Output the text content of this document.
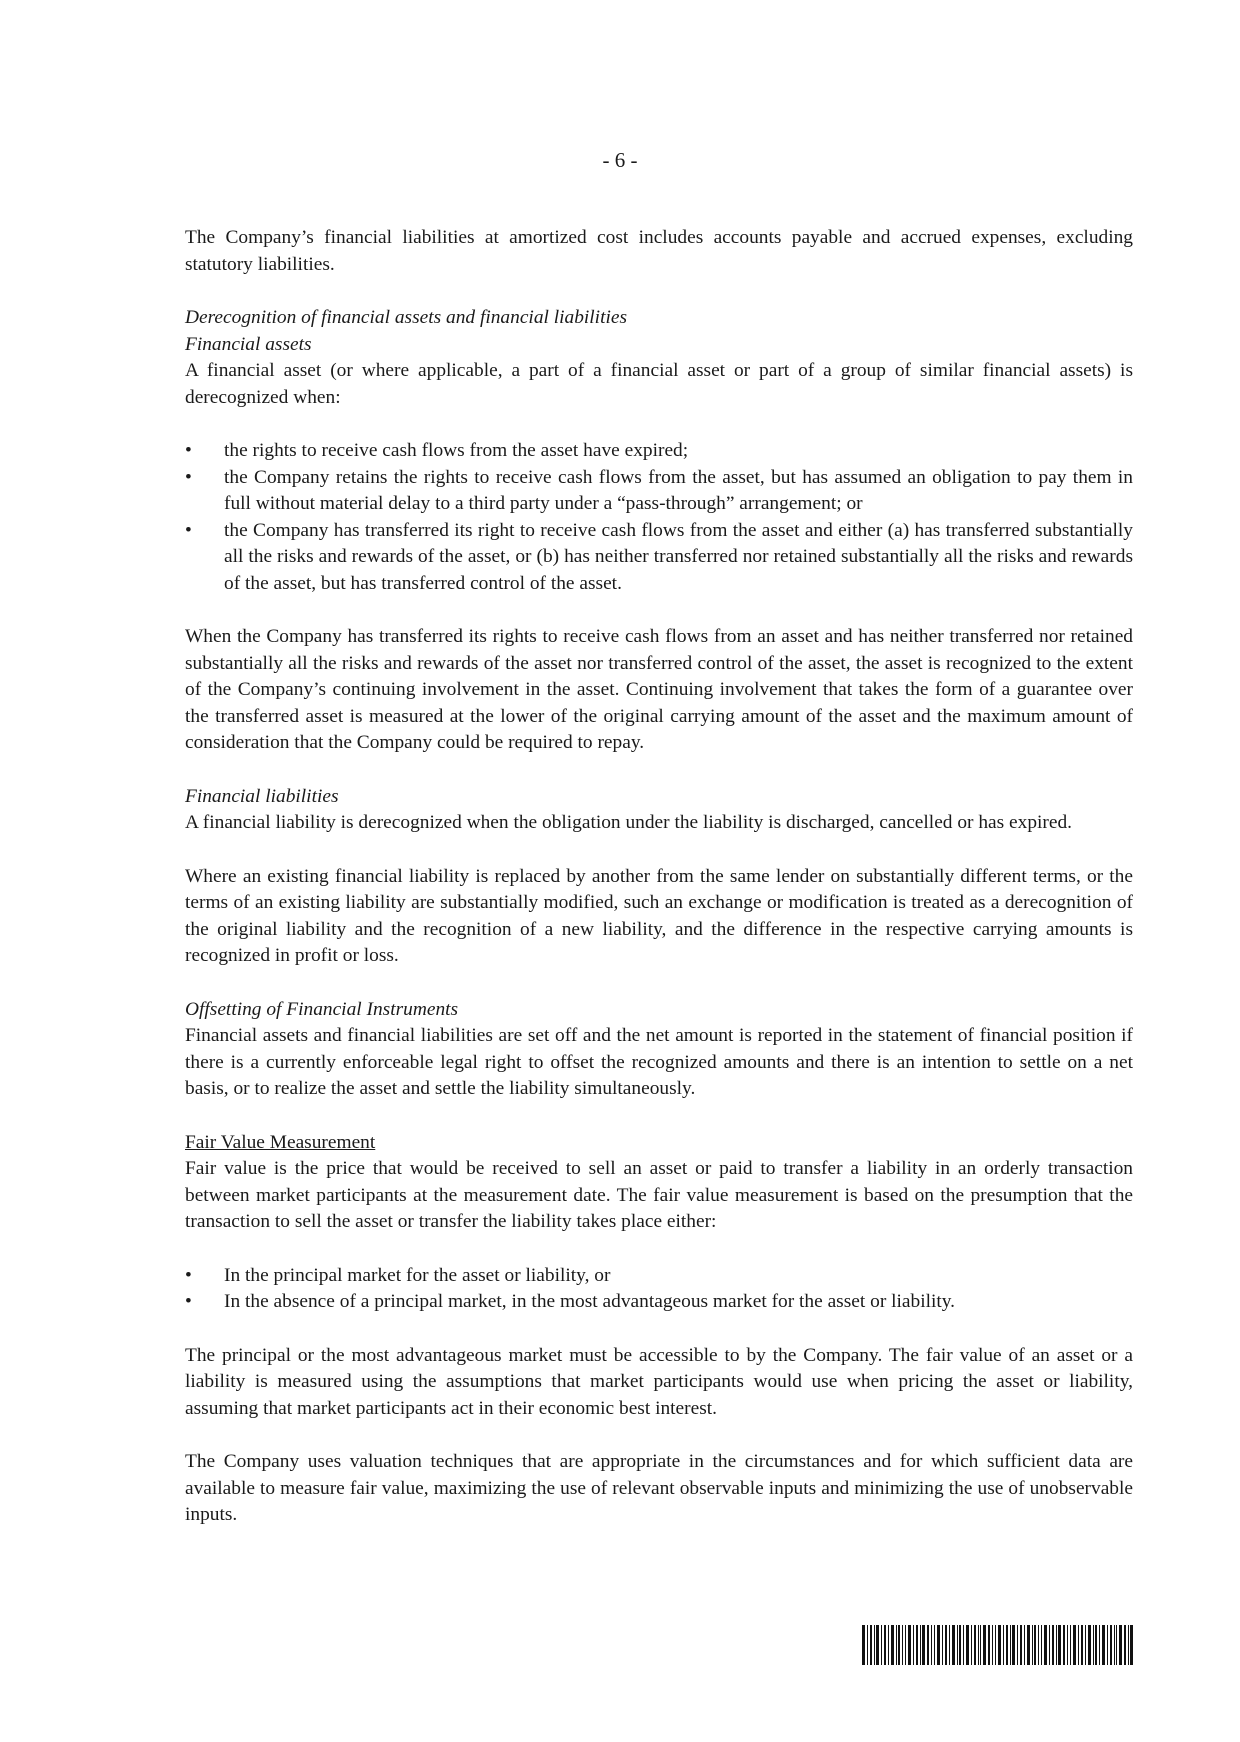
- 6 -

The Company’s financial liabilities at amortized cost includes accounts payable and accrued expenses, excluding statutory liabilities.

Derecognition of financial assets and financial liabilities
Financial assets

A financial asset (or where applicable, a part of a financial asset or part of a group of similar financial assets) is derecognized when:

• the rights to receive cash flows from the asset have expired;
• the Company retains the rights to receive cash flows from the asset, but has assumed an obligation to pay them in full without material delay to a third party under a “pass-through” arrangement; or
• the Company has transferred its right to receive cash flows from the asset and either (a) has transferred substantially all the risks and rewards of the asset, or (b) has neither transferred nor retained substantially all the risks and rewards of the asset, but has transferred control of the asset.

When the Company has transferred its rights to receive cash flows from an asset and has neither transferred nor retained substantially all the risks and rewards of the asset nor transferred control of the asset, the asset is recognized to the extent of the Company’s continuing involvement in the asset. Continuing involvement that takes the form of a guarantee over the transferred asset is measured at the lower of the original carrying amount of the asset and the maximum amount of consideration that the Company could be required to repay.

Financial liabilities

A financial liability is derecognized when the obligation under the liability is discharged, cancelled or has expired.

Where an existing financial liability is replaced by another from the same lender on substantially different terms, or the terms of an existing liability are substantially modified, such an exchange or modification is treated as a derecognition of the original liability and the recognition of a new liability, and the difference in the respective carrying amounts is recognized in profit or loss.

Offsetting of Financial Instruments

Financial assets and financial liabilities are set off and the net amount is reported in the statement of financial position if there is a currently enforceable legal right to offset the recognized amounts and there is an intention to settle on a net basis, or to realize the asset and settle the liability simultaneously.

Fair Value Measurement

Fair value is the price that would be received to sell an asset or paid to transfer a liability in an orderly transaction between market participants at the measurement date. The fair value measurement is based on the presumption that the transaction to sell the asset or transfer the liability takes place either:

• In the principal market for the asset or liability, or
• In the absence of a principal market, in the most advantageous market for the asset or liability.

The principal or the most advantageous market must be accessible to by the Company. The fair value of an asset or a liability is measured using the assumptions that market participants would use when pricing the asset or liability, assuming that market participants act in their economic best interest.

The Company uses valuation techniques that are appropriate in the circumstances and for which sufficient data are available to measure fair value, maximizing the use of relevant observable inputs and minimizing the use of unobservable inputs.
